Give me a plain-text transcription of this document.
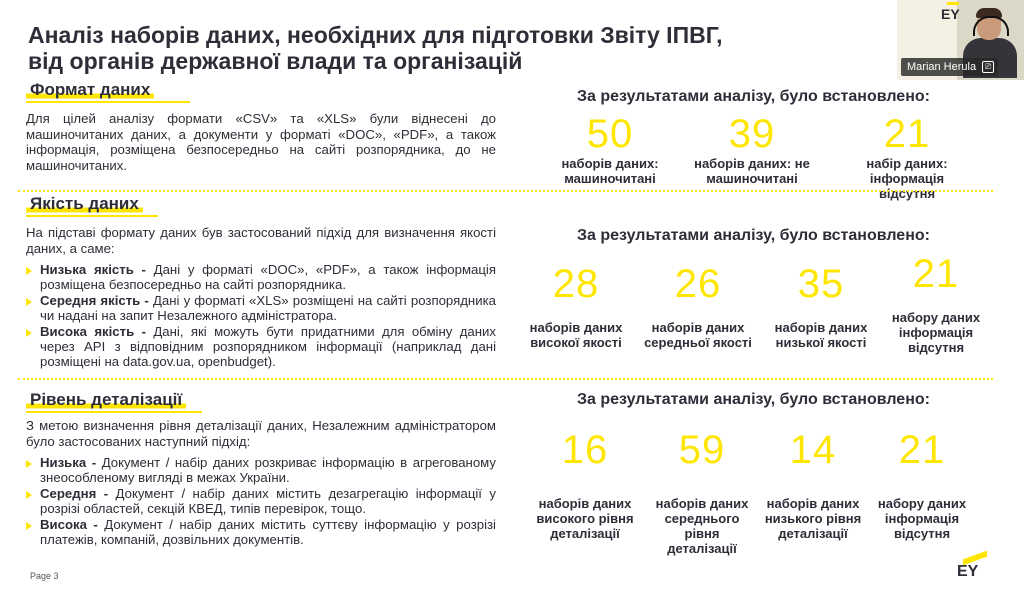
Аналіз наборів даних, необхідних для підготовки Звіту ІПВГ,
від органів державної влади та організацій
EY
Marian Herula	⎚
Формат даних
Для цілей аналізу формати «CSV» та «XLS» були віднесені до машиночитаних даних, а документи у форматі «DOC», «PDF», а також інформація, розміщена безпосередньо на сайті розпорядника, до не машиночитаних.
За результатами аналізу, було встановлено:
50
наборів даних: машиночитані
39
наборів даних: не машиночитані
21
набір даних: інформація відсутня
Якість даних
На підставі формату даних був застосований підхід для визначення якості даних, а саме:
Низька якість - Дані у форматі «DOC», «PDF», а також інформація розміщена безпосередньо на сайті розпорядника.
Середня якість - Дані у форматі «XLS» розміщені на сайті розпорядника чи надані на запит Незалежного адміністратора.
Висока якість - Дані, які можуть бути придатними для обміну даних через API з відповідним розпорядником інформації (наприклад дані розміщені на data.gov.ua, openbudget).
За результатами аналізу, було встановлено:
28
наборів даних високої якості
26
наборів даних середньої якості
35
наборів даних низької якості
21
набору даних інформація відсутня
Рівень деталізації
З метою визначення рівня деталізації даних, Незалежним адміністратором було застосованих наступний підхід:
Низька - Документ / набір даних розкриває інформацію в агрегованому знеособленому вигляді в межах України.
Середня - Документ / набір даних містить дезагрегацію інформації у розрізі областей, секцій КВЕД, типів перевірок, тощо.
Висока - Документ / набір даних містить суттєву інформацію у розрізі платежів, компаній, дозвільних документів.
За результатами аналізу, було встановлено:
16
наборів даних високого рівня деталізації
59
наборів даних середнього рівня деталізації
14
наборів даних низького рівня деталізації
21
набору даних інформація відсутня
Page 3	EY
